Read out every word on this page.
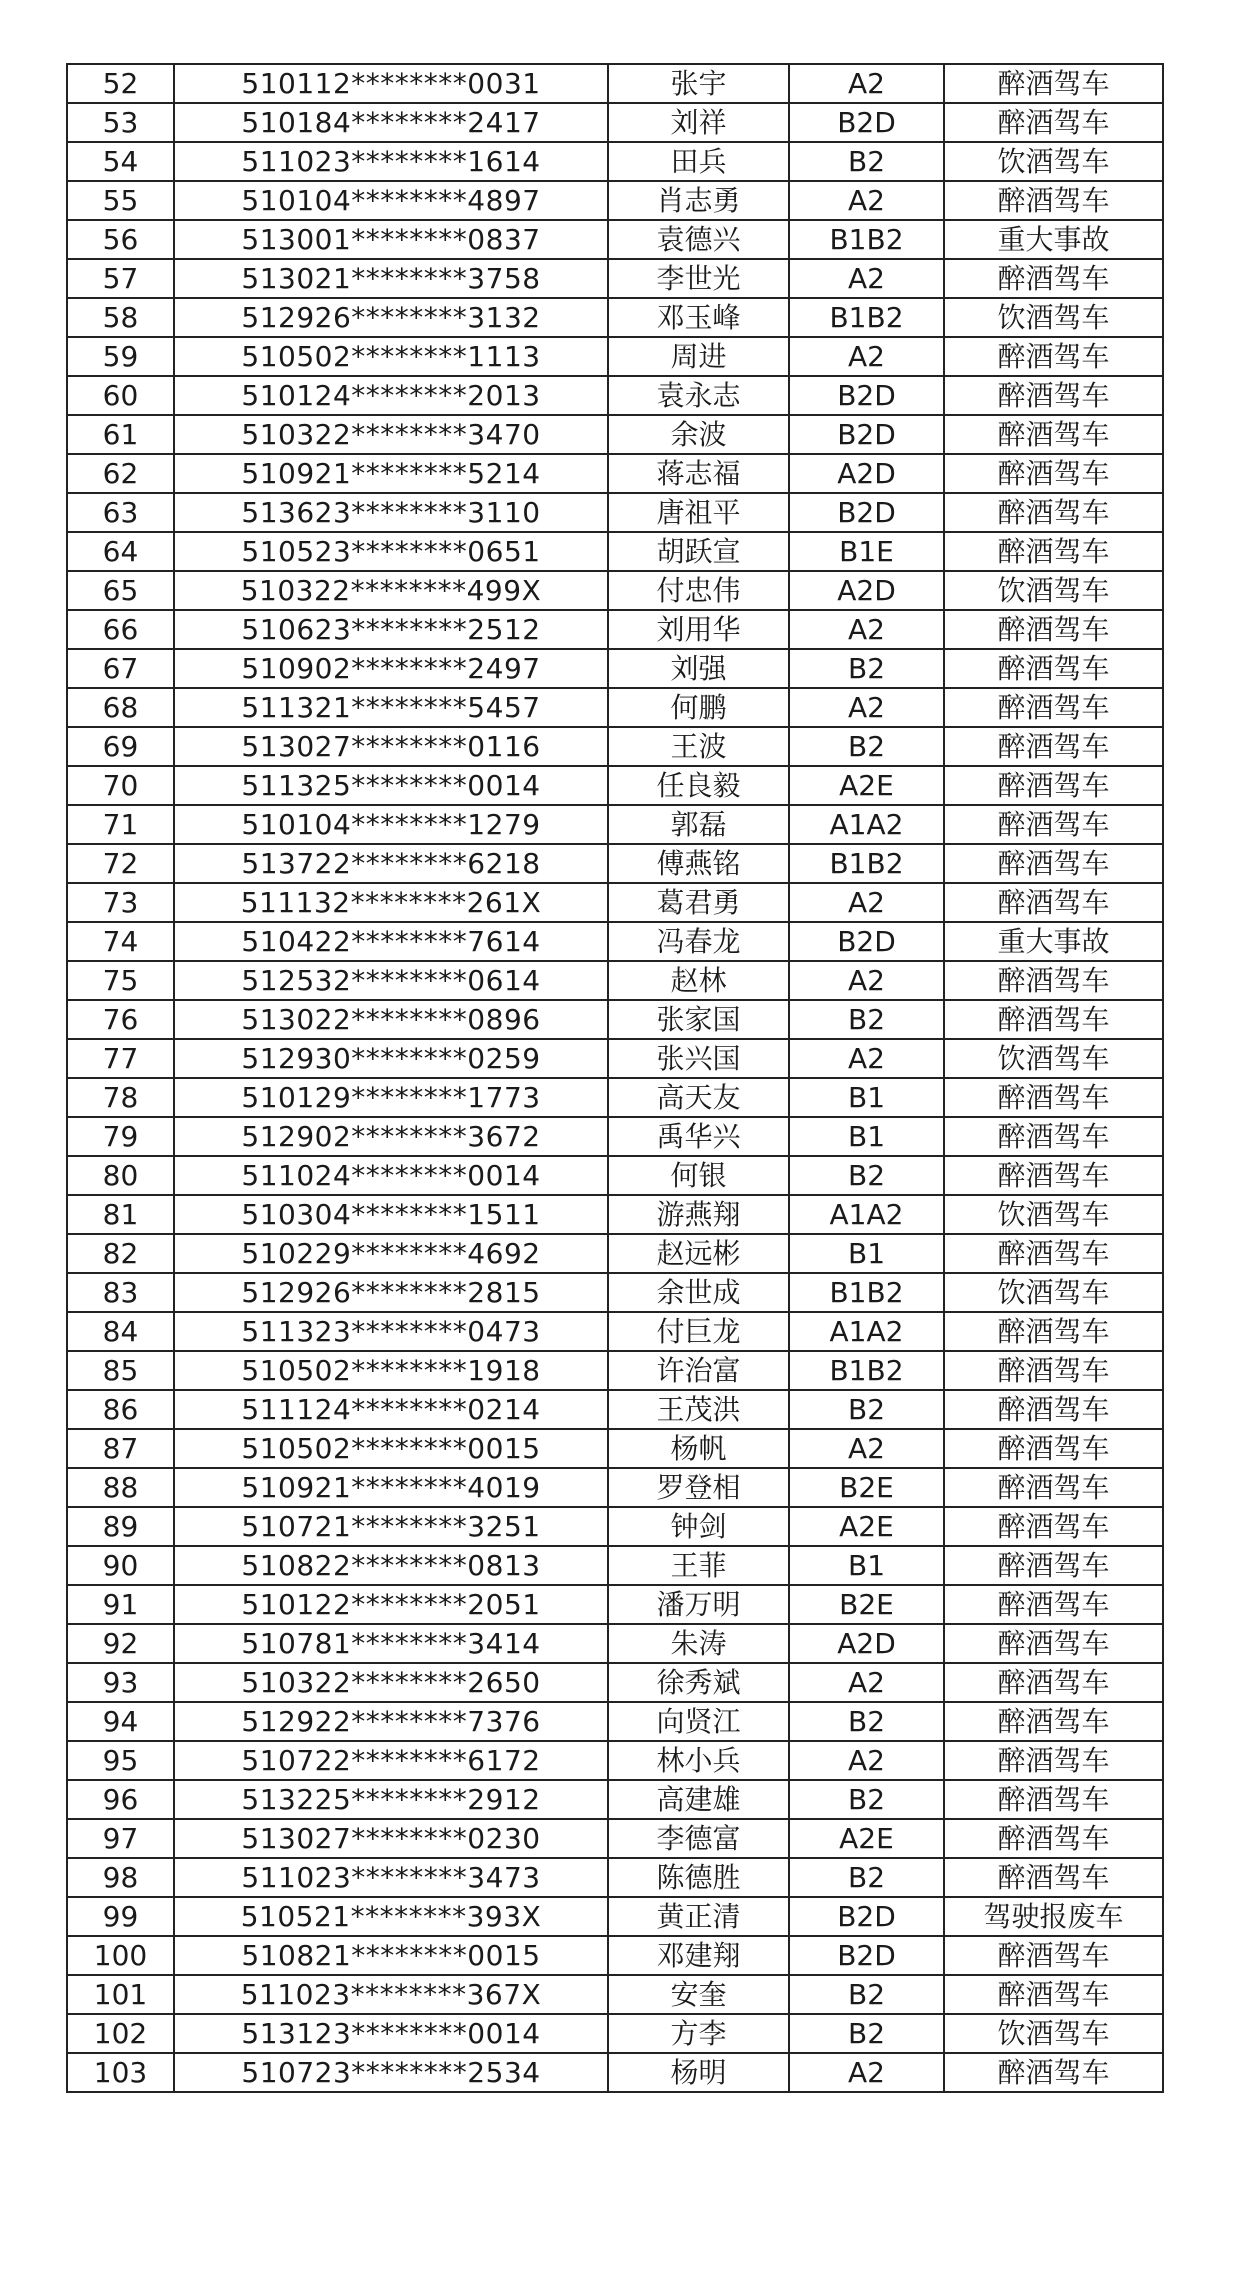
52	510112********0031	张宇	A2	醉酒驾车
53	510184********2417	刘祥	B2D	醉酒驾车
54	511023********1614	田兵	B2	饮酒驾车
55	510104********4897	肖志勇	A2	醉酒驾车
56	513001********0837	袁德兴	B1B2	重大事故
57	513021********3758	李世光	A2	醉酒驾车
58	512926********3132	邓玉峰	B1B2	饮酒驾车
59	510502********1113	周进	A2	醉酒驾车
60	510124********2013	袁永志	B2D	醉酒驾车
61	510322********3470	余波	B2D	醉酒驾车
62	510921********5214	蒋志福	A2D	醉酒驾车
63	513623********3110	唐祖平	B2D	醉酒驾车
64	510523********0651	胡跃宣	B1E	醉酒驾车
65	510322********499X	付忠伟	A2D	饮酒驾车
66	510623********2512	刘用华	A2	醉酒驾车
67	510902********2497	刘强	B2	醉酒驾车
68	511321********5457	何鹏	A2	醉酒驾车
69	513027********0116	王波	B2	醉酒驾车
70	511325********0014	任良毅	A2E	醉酒驾车
71	510104********1279	郭磊	A1A2	醉酒驾车
72	513722********6218	傅燕铭	B1B2	醉酒驾车
73	511132********261X	葛君勇	A2	醉酒驾车
74	510422********7614	冯春龙	B2D	重大事故
75	512532********0614	赵林	A2	醉酒驾车
76	513022********0896	张家国	B2	醉酒驾车
77	512930********0259	张兴国	A2	饮酒驾车
78	510129********1773	高天友	B1	醉酒驾车
79	512902********3672	禹华兴	B1	醉酒驾车
80	511024********0014	何银	B2	醉酒驾车
81	510304********1511	游燕翔	A1A2	饮酒驾车
82	510229********4692	赵远彬	B1	醉酒驾车
83	512926********2815	余世成	B1B2	饮酒驾车
84	511323********0473	付巨龙	A1A2	醉酒驾车
85	510502********1918	许治富	B1B2	醉酒驾车
86	511124********0214	王茂洪	B2	醉酒驾车
87	510502********0015	杨帆	A2	醉酒驾车
88	510921********4019	罗登相	B2E	醉酒驾车
89	510721********3251	钟剑	A2E	醉酒驾车
90	510822********0813	王菲	B1	醉酒驾车
91	510122********2051	潘万明	B2E	醉酒驾车
92	510781********3414	朱涛	A2D	醉酒驾车
93	510322********2650	徐秀斌	A2	醉酒驾车
94	512922********7376	向贤江	B2	醉酒驾车
95	510722********6172	林小兵	A2	醉酒驾车
96	513225********2912	高建雄	B2	醉酒驾车
97	513027********0230	李德富	A2E	醉酒驾车
98	511023********3473	陈德胜	B2	醉酒驾车
99	510521********393X	黄正清	B2D	驾驶报废车
100	510821********0015	邓建翔	B2D	醉酒驾车
101	511023********367X	安奎	B2	醉酒驾车
102	513123********0014	方李	B2	饮酒驾车
103	510723********2534	杨明	A2	醉酒驾车
